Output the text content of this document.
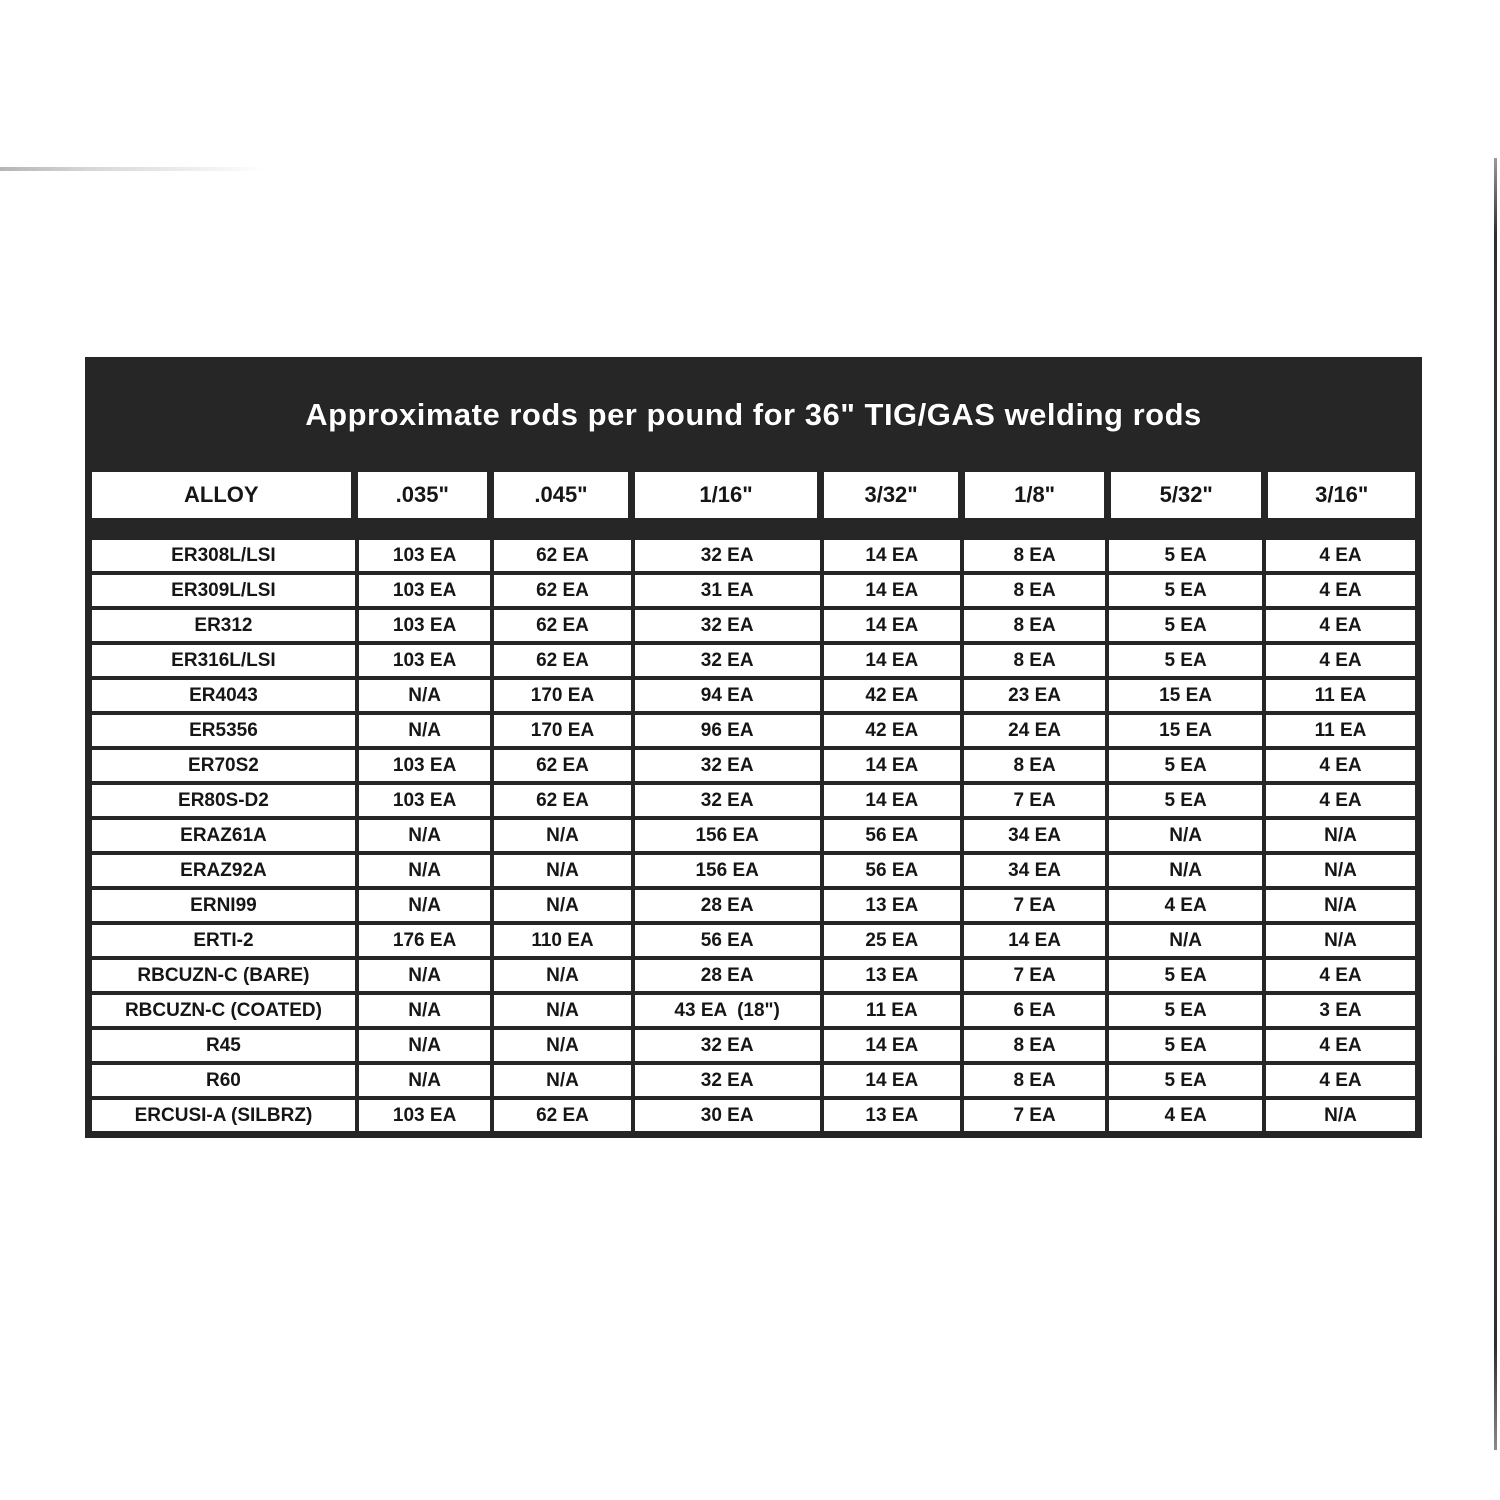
Approximate rods per pound for 36" TIG/GAS welding rods
ALLOY	.035"	.045"	1/16"	3/32"	1/8"	5/32"	3/16"
ER308L/LSI	103 EA	62 EA	32 EA	14 EA	8 EA	5 EA	4 EA
ER309L/LSI	103 EA	62 EA	31 EA	14 EA	8 EA	5 EA	4 EA
ER312	103 EA	62 EA	32 EA	14 EA	8 EA	5 EA	4 EA
ER316L/LSI	103 EA	62 EA	32 EA	14 EA	8 EA	5 EA	4 EA
ER4043	N/A	170 EA	94 EA	42 EA	23 EA	15 EA	11 EA
ER5356	N/A	170 EA	96 EA	42 EA	24 EA	15 EA	11 EA
ER70S2	103 EA	62 EA	32 EA	14 EA	8 EA	5 EA	4 EA
ER80S-D2	103 EA	62 EA	32 EA	14 EA	7 EA	5 EA	4 EA
ERAZ61A	N/A	N/A	156 EA	56 EA	34 EA	N/A	N/A
ERAZ92A	N/A	N/A	156 EA	56 EA	34 EA	N/A	N/A
ERNI99	N/A	N/A	28 EA	13 EA	7 EA	4 EA	N/A
ERTI-2	176 EA	110 EA	56 EA	25 EA	14 EA	N/A	N/A
RBCUZN-C (BARE)	N/A	N/A	28 EA	13 EA	7 EA	5 EA	4 EA
RBCUZN-C (COATED)	N/A	N/A	43 EA  (18")	11 EA	6 EA	5 EA	3 EA
R45	N/A	N/A	32 EA	14 EA	8 EA	5 EA	4 EA
R60	N/A	N/A	32 EA	14 EA	8 EA	5 EA	4 EA
ERCUSI-A (SILBRZ)	103 EA	62 EA	30 EA	13 EA	7 EA	4 EA	N/A
